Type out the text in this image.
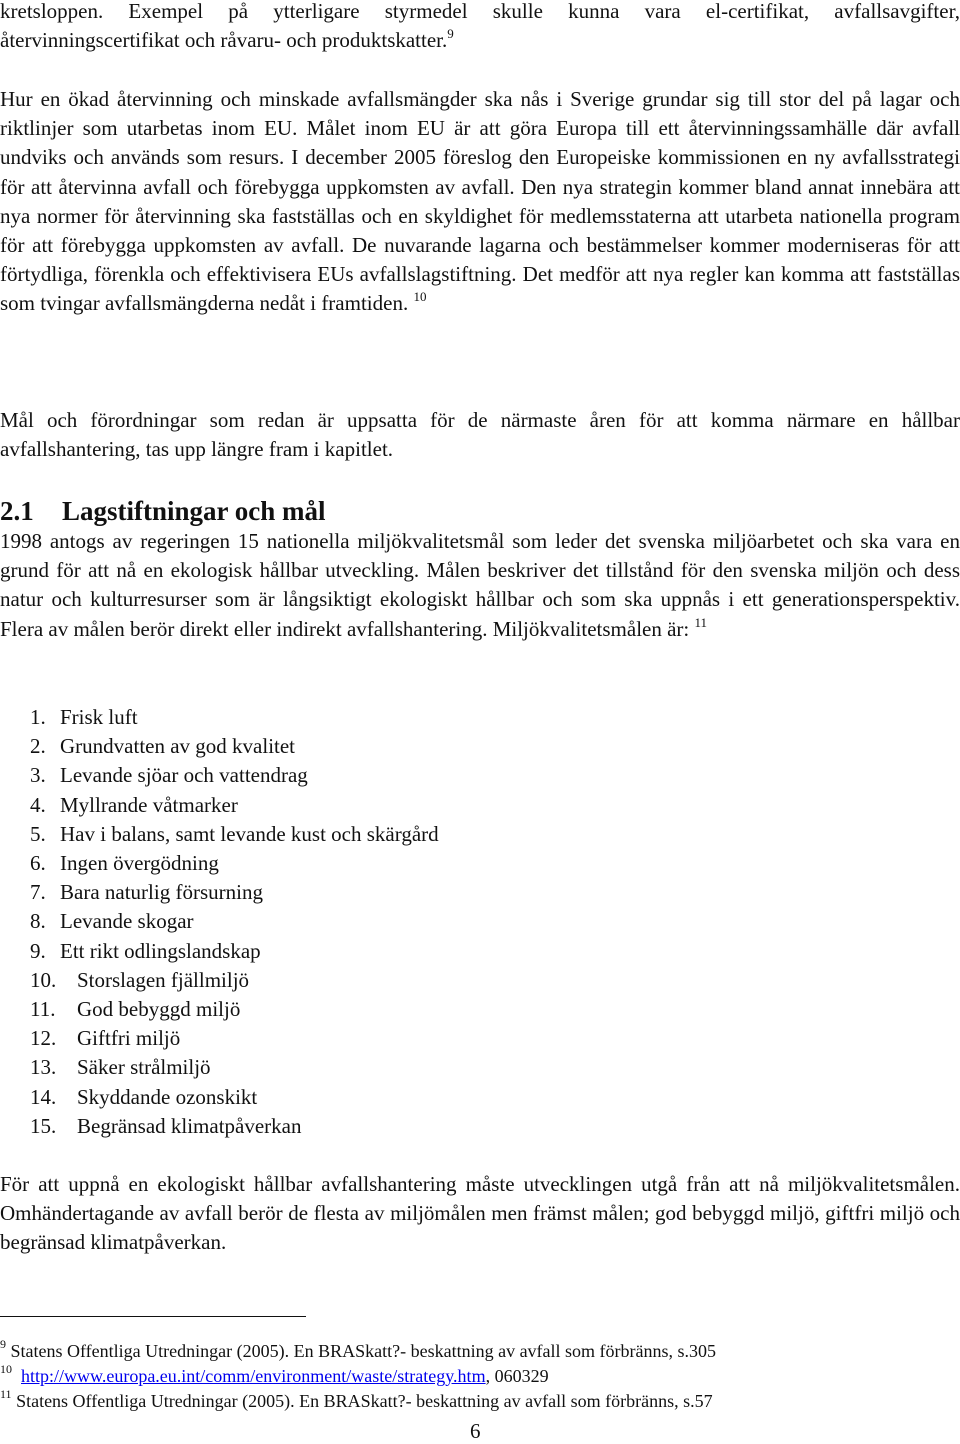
kretsloppen. Exempel på ytterligare styrmedel skulle kunna vara el-certifikat, avfallsavgifter, återvinningscertifikat och råvaru- och produktskatter.$^9$

Hur en ökad återvinning och minskade avfallsmängder ska nås i Sverige grundar sig till stor del på lagar och riktlinjer som utarbetas inom EU. Målet inom EU är att göra Europa till ett återvinningssamhälle där avfall undviks och används som resurs. I december 2005 föreslog den Europeiske kommissionen en ny avfallsstrategi för att återvinna avfall och förebygga uppkomsten av avfall. Den nya strategin kommer bland annat innebära att nya normer för återvinning ska fastställas och en skyldighet för medlemsstaterna att utarbeta nationella program för att förebygga uppkomsten av avfall. De nuvarande lagarna och bestämmelser kommer moderniseras för att förtydliga, förenkla och effektivisera EUs avfallslagstiftning. Det medför att nya regler kan komma att fastställas som tvingar avfallsmängderna nedåt i framtiden. $^{10}$

Mål och förordningar som redan är uppsatta för de närmaste åren för att komma närmare en hållbar avfallshantering, tas upp längre fram i kapitlet.

2.1 Lagstiftningar och mål

1998 antogs av regeringen 15 nationella miljökvalitetsmål som leder det svenska miljöarbetet och ska vara en grund för att nå en ekologisk hållbar utveckling. Målen beskriver det tillstånd för den svenska miljön och dess natur och kulturresurser som är långsiktigt ekologiskt hållbar och som ska uppnås i ett generationsperspektiv. Flera av målen berör direkt eller indirekt avfallshantering. Miljökvalitetsmålen är: $^{11}$

1. Frisk luft
2. Grundvatten av god kvalitet
3. Levande sjöar och vattendrag
4. Myllrande våtmarker
5. Hav i balans, samt levande kust och skärgård
6. Ingen övergödning
7. Bara naturlig försurning
8. Levande skogar
9. Ett rikt odlingslandskap
10. Storslagen fjällmiljö
11. God bebyggd miljö
12. Giftfri miljö
13. Säker strålmiljö
14. Skyddande ozonskikt
15. Begränsad klimatpåverkan

För att uppnå en ekologiskt hållbar avfallshantering måste utvecklingen utgå från att nå miljökvalitetsmålen. Omhändertagande av avfall berör de flesta av miljömålen men främst målen; god bebyggd miljö, giftfri miljö och begränsad klimatpåverkan.

$^9$ Statens Offentliga Utredningar (2005). En BRASkatt?- beskattning av avfall som förbränns, s.305

$^{10}$ http://www.europa.eu.int/comm/environment/waste/strategy.htm, 060329

$^{11}$ Statens Offentliga Utredningar (2005). En BRASkatt?- beskattning av avfall som förbränns, s.57

6
